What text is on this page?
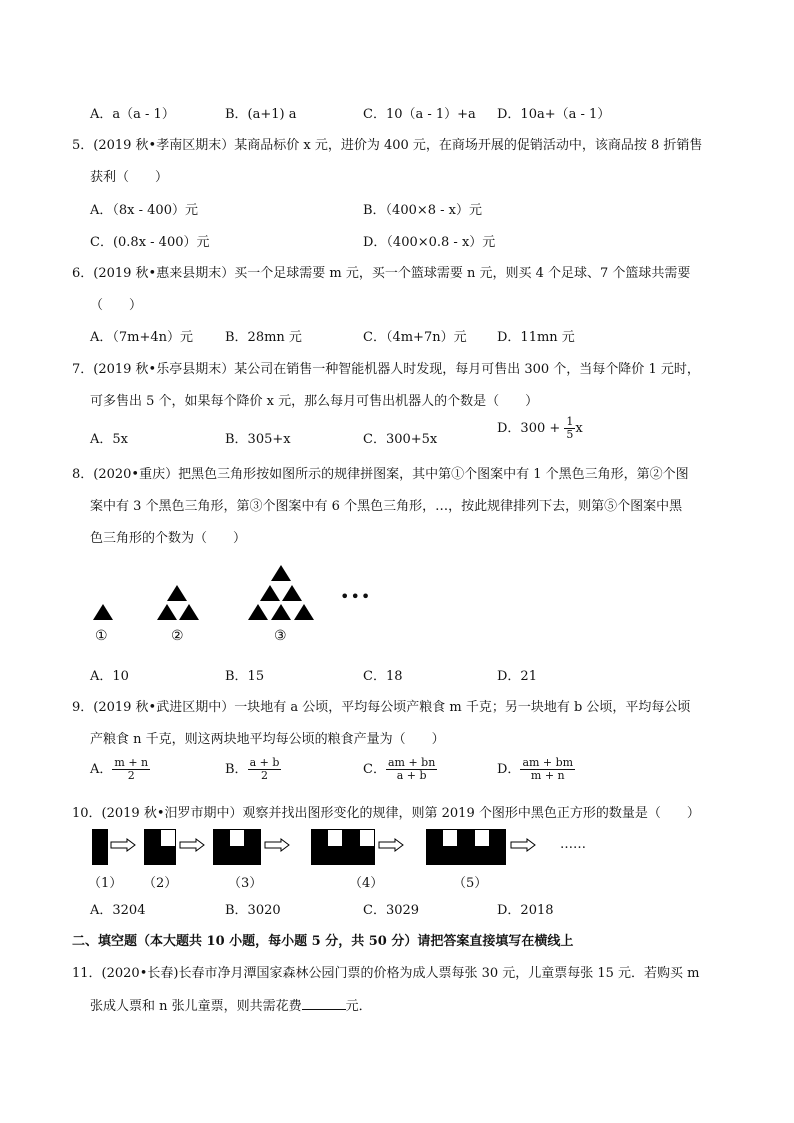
A．a（a - 1）	B．(a+1) a	C．10（a - 1）+a D．10a+（a - 1）
5．(2019 秋•孝南区期末）某商品标价 x 元，进价为 400 元，在商场开展的促销活动中，该商品按 8 折销售
获利（　　）
A．（8x - 400）元	B．（400×8 - x）元
C．(0.8x - 400）元	D．（400×0.8 - x）元
6．(2019 秋•惠来县期末）买一个足球需要 m 元，买一个篮球需要 n 元，则买 4 个足球、7 个篮球共需要
（　　）
A．（7m+4n）元 B．28mn 元	C．（4m+7n）元 D．11mn 元
7．(2019 秋•乐亭县期末）某公司在销售一种智能机器人时发现，每月可售出 300 个，当每个降价 1 元时，
可多售出 5 个，如果每个降价 x 元，那么每月可售出机器人的个数是（　　）
A．5x	B．305+x	C．300+5x
D．$300 + \frac{1}{5}$ x
8．(2020•重庆）把黑色三角形按如图所示的规律拼图案，其中第①个图案中有 1 个黑色三角形，第②个图
案中有 3 个黑色三角形，第③个图案中有 6 个黑色三角形，…，按此规律排列下去，则第⑤个图案中黑
色三角形的个数为（　　）
•••
①	②	③
A．10	B．15	C．18	D．21
9．(2019 秋•武进区期中）一块地有 a 公顷，平均每公顷产粮食 m 千克；另一块地有 b 公顷，平均每公顷
产粮食 n 千克，则这两块地平均每公顷的粮食产量为（　　）
A． $\frac{m + n}{2}$	B． $\frac{a + b}{2}$	C． $\frac{am + bn}{a + b}$	D． $\frac{am + bm}{m + n}$
10．(2019 秋•汨罗市期中）观察并找出图形变化的规律，则第 2019 个图形中黑色正方形的数量是（　　）
……
（1） （2）	（3）	（4）	（5）
A．3204	B．3020	C．3029	D．2018
二、填空题（本大题共 10 小题，每小题 5 分，共 50 分）请把答案直接填写在横线上
11．(2020•长春)长春市净月潭国家森林公园门票的价格为成人票每张 30 元，儿童票每张 15 元．若购买 m
张成人票和 n 张儿童票，则共需花费	元．
